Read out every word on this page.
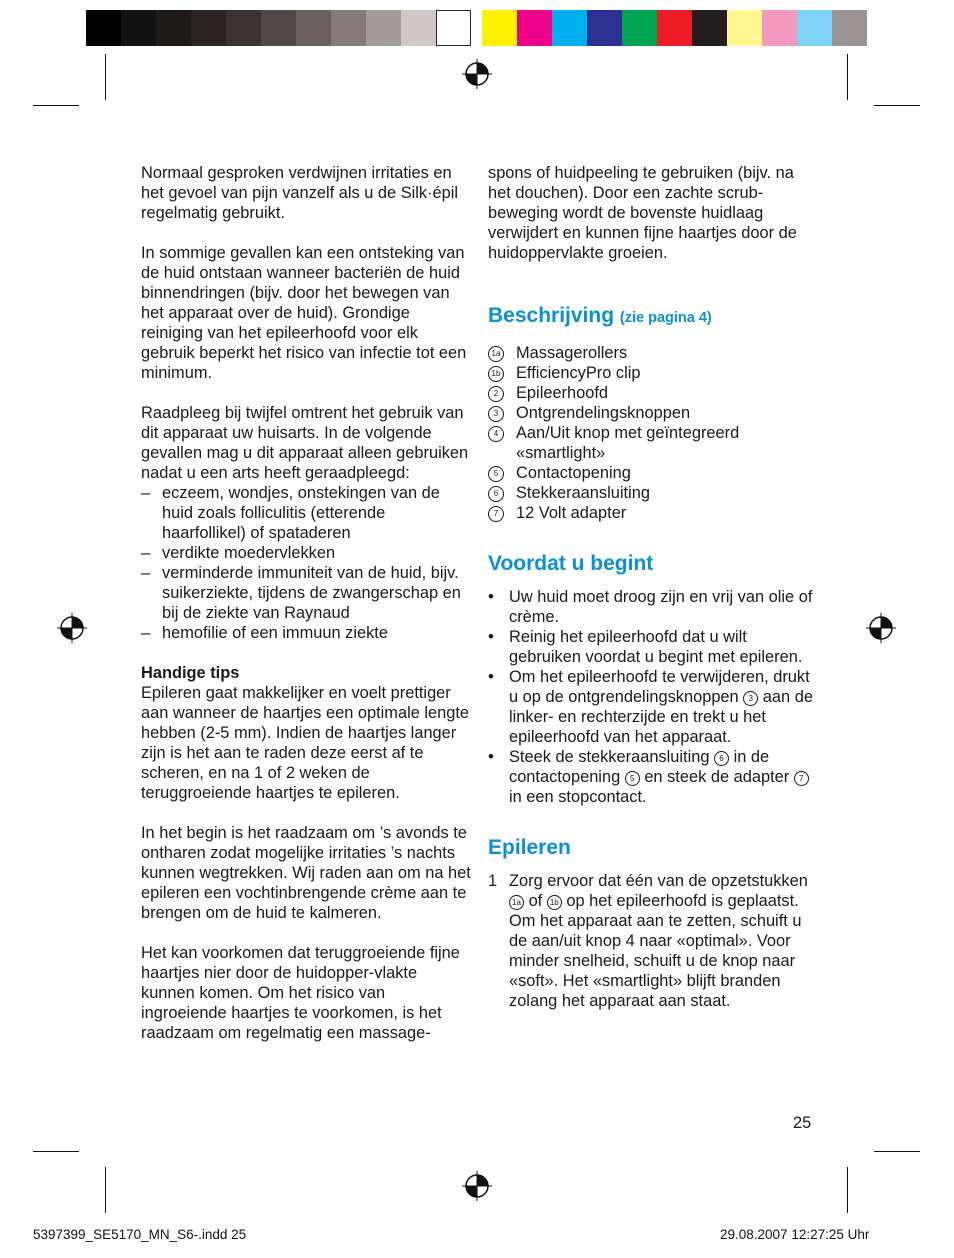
Normaal gesproken verdwijnen irritaties en het gevoel van pijn vanzelf als u de Silk·épil regelmatig gebruikt.

In sommige gevallen kan een ontsteking van de huid ontstaan wanneer bacteriën de huid binnendringen (bijv. door het bewegen van het apparaat over de huid). Grondige reiniging van het epileerhoofd voor elk gebruik beperkt het risico van infectie tot een minimum.

Raadpleeg bij twijfel omtrent het gebruik van dit apparaat uw huisarts. In de volgende gevallen mag u dit apparaat alleen gebruiken nadat u een arts heeft geraadpleegd:

– eczeem, wondjes, onstekingen van de huid zoals folliculitis (etterende haarfollikel) of spataderen
– verdikte moedervlekken
– verminderde immuniteit van de huid, bijv. suikerziekte, tijdens de zwangerschap en bij de ziekte van Raynaud
– hemofilie of een immuun ziekte

Handige tips

Epileren gaat makkelijker en voelt prettiger aan wanneer de haartjes een optimale lengte hebben (2-5 mm). Indien de haartjes langer zijn is het aan te raden deze eerst af te scheren, en na 1 of 2 weken de teruggroeiende haartjes te epileren.

In het begin is het raadzaam om ’s avonds te ontharen zodat mogelijke irritaties ’s nachts kunnen wegtrekken. Wij raden aan om na het epileren een vochtinbrengende crème aan te brengen om de huid te kalmeren.

Het kan voorkomen dat teruggroeiende fijne haartjes nier door de huidopper-vlakte kunnen komen. Om het risico van ingroeiende haartjes te voorkomen, is het raadzaam om regelmatig een massage-

spons of huidpeeling te gebruiken (bijv. na het douchen). Door een zachte scrub-beweging wordt de bovenste huidlaag verwijdert en kunnen fijne haartjes door de huidoppervlakte groeien.

Beschrijving (zie pagina 4)
1a Massagerollers
1b EfficiencyPro clip
2	Epileerhoofd
3	Ontgrendelingsknoppen
4	Aan/Uit knop met geïntegreerd «smartlight»
5	Contactopening
6	Stekkeraansluiting
7	12 Volt adapter
Voordat u begint
• Uw huid moet droog zijn en vrij van olie of crème.
• Reinig het epileerhoofd dat u wilt gebruiken voordat u begint met epileren.
• Om het epileerhoofd te verwijderen, drukt u op de ontgrendelingsknoppen 3 aan de linker- en rechterzijde en trekt u het epileerhoofd van het apparaat.
• Steek de stekkeraansluiting 6 in de contactopening 5 en steek de adapter 7 in een stopcontact.
Epileren
1 Zorg ervoor dat één van de opzetstukken 1a of 1b op het epileerhoofd is geplaatst.
Om het apparaat aan te zetten, schuift u de aan/uit knop 4 naar «optimal». Voor minder snelheid, schuift u de knop naar «soft». Het «smartlight» blijft branden zolang het apparaat aan staat.
25
5397399_SE5170_MN_S6-.indd 25	29.08.2007 12:27:25 Uhr
